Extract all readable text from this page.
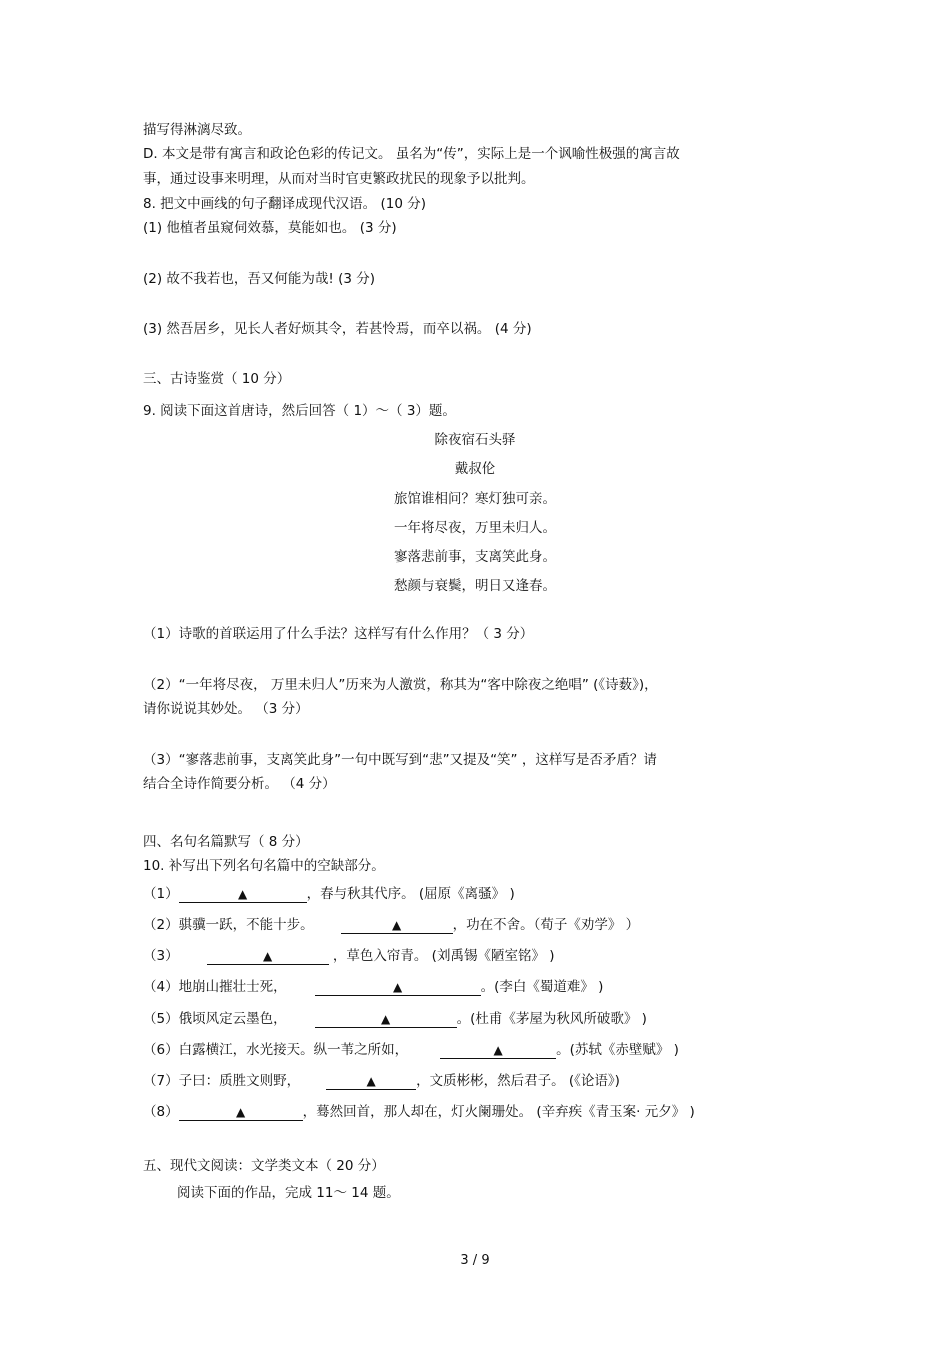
描写得淋漓尽致。
D. 本文是带有寓言和政论色彩的传记文。 虽名为“传”，实际上是一个讽喻性极强的寓言故
事，通过设事来明理，从而对当时官吏繁政扰民的现象予以批判。
8. 把文中画线的句子翻译成现代汉语。 (10 分)
(1) 他植者虽窥伺效慕，莫能如也。 (3 分)
(2) 故不我若也，吾又何能为哉! (3 分)
(3) 然吾居乡，见长人者好烦其令，若甚怜焉，而卒以祸。 (4 分)
三、古诗鉴赏（ 10 分）
9. 阅读下面这首唐诗，然后回答（ 1）～（ 3）题。
除夜宿石头驿
戴叔伦
旅馆谁相问？寒灯独可亲。
一年将尽夜，万里未归人。
寥落悲前事，支离笑此身。
愁颜与衰鬓，明日又逢春。
（1）诗歌的首联运用了什么手法？这样写有什么作用？（ 3 分）
（2）“一年将尽夜， 万里未归人”历来为人激赏，称其为“客中除夜之绝唱” (《诗薮》)，
请你说说其妙处。 （3 分）
（3）“寥落悲前事，支离笑此身”一句中既写到“悲”又提及“笑” ，这样写是否矛盾？请
结合全诗作简要分析。 （4 分）
四、名句名篇默写（ 8 分）
10. 补写出下列名句名篇中的空缺部分。
（1）	▲	，春与秋其代序。 (屈原《离骚》 )
（2）骐骥一跃，不能十步。	▲	，功在不舍。（荀子《劝学》 ）
（3）	▲	，草色入帘青。 (刘禹锡《陋室铭》 )
（4）地崩山摧壮士死，	▲	。(李白《蜀道难》 )
（5）俄顷风定云墨色，	▲	。(杜甫《茅屋为秋风所破歌》 )
（6）白露横江，水光接天。纵一苇之所如，	▲	。(苏轼《赤壁赋》 )
（7）子曰：质胜文则野，	▲	，文质彬彬，然后君子。 (《论语》)
（8）	▲	，蓦然回首，那人却在，灯火阑珊处。 (辛弃疾《青玉案· 元夕》 )
五、现代文阅读：文学类文本（ 20 分）
阅读下面的作品，完成 11～ 14 题。
3 / 9
